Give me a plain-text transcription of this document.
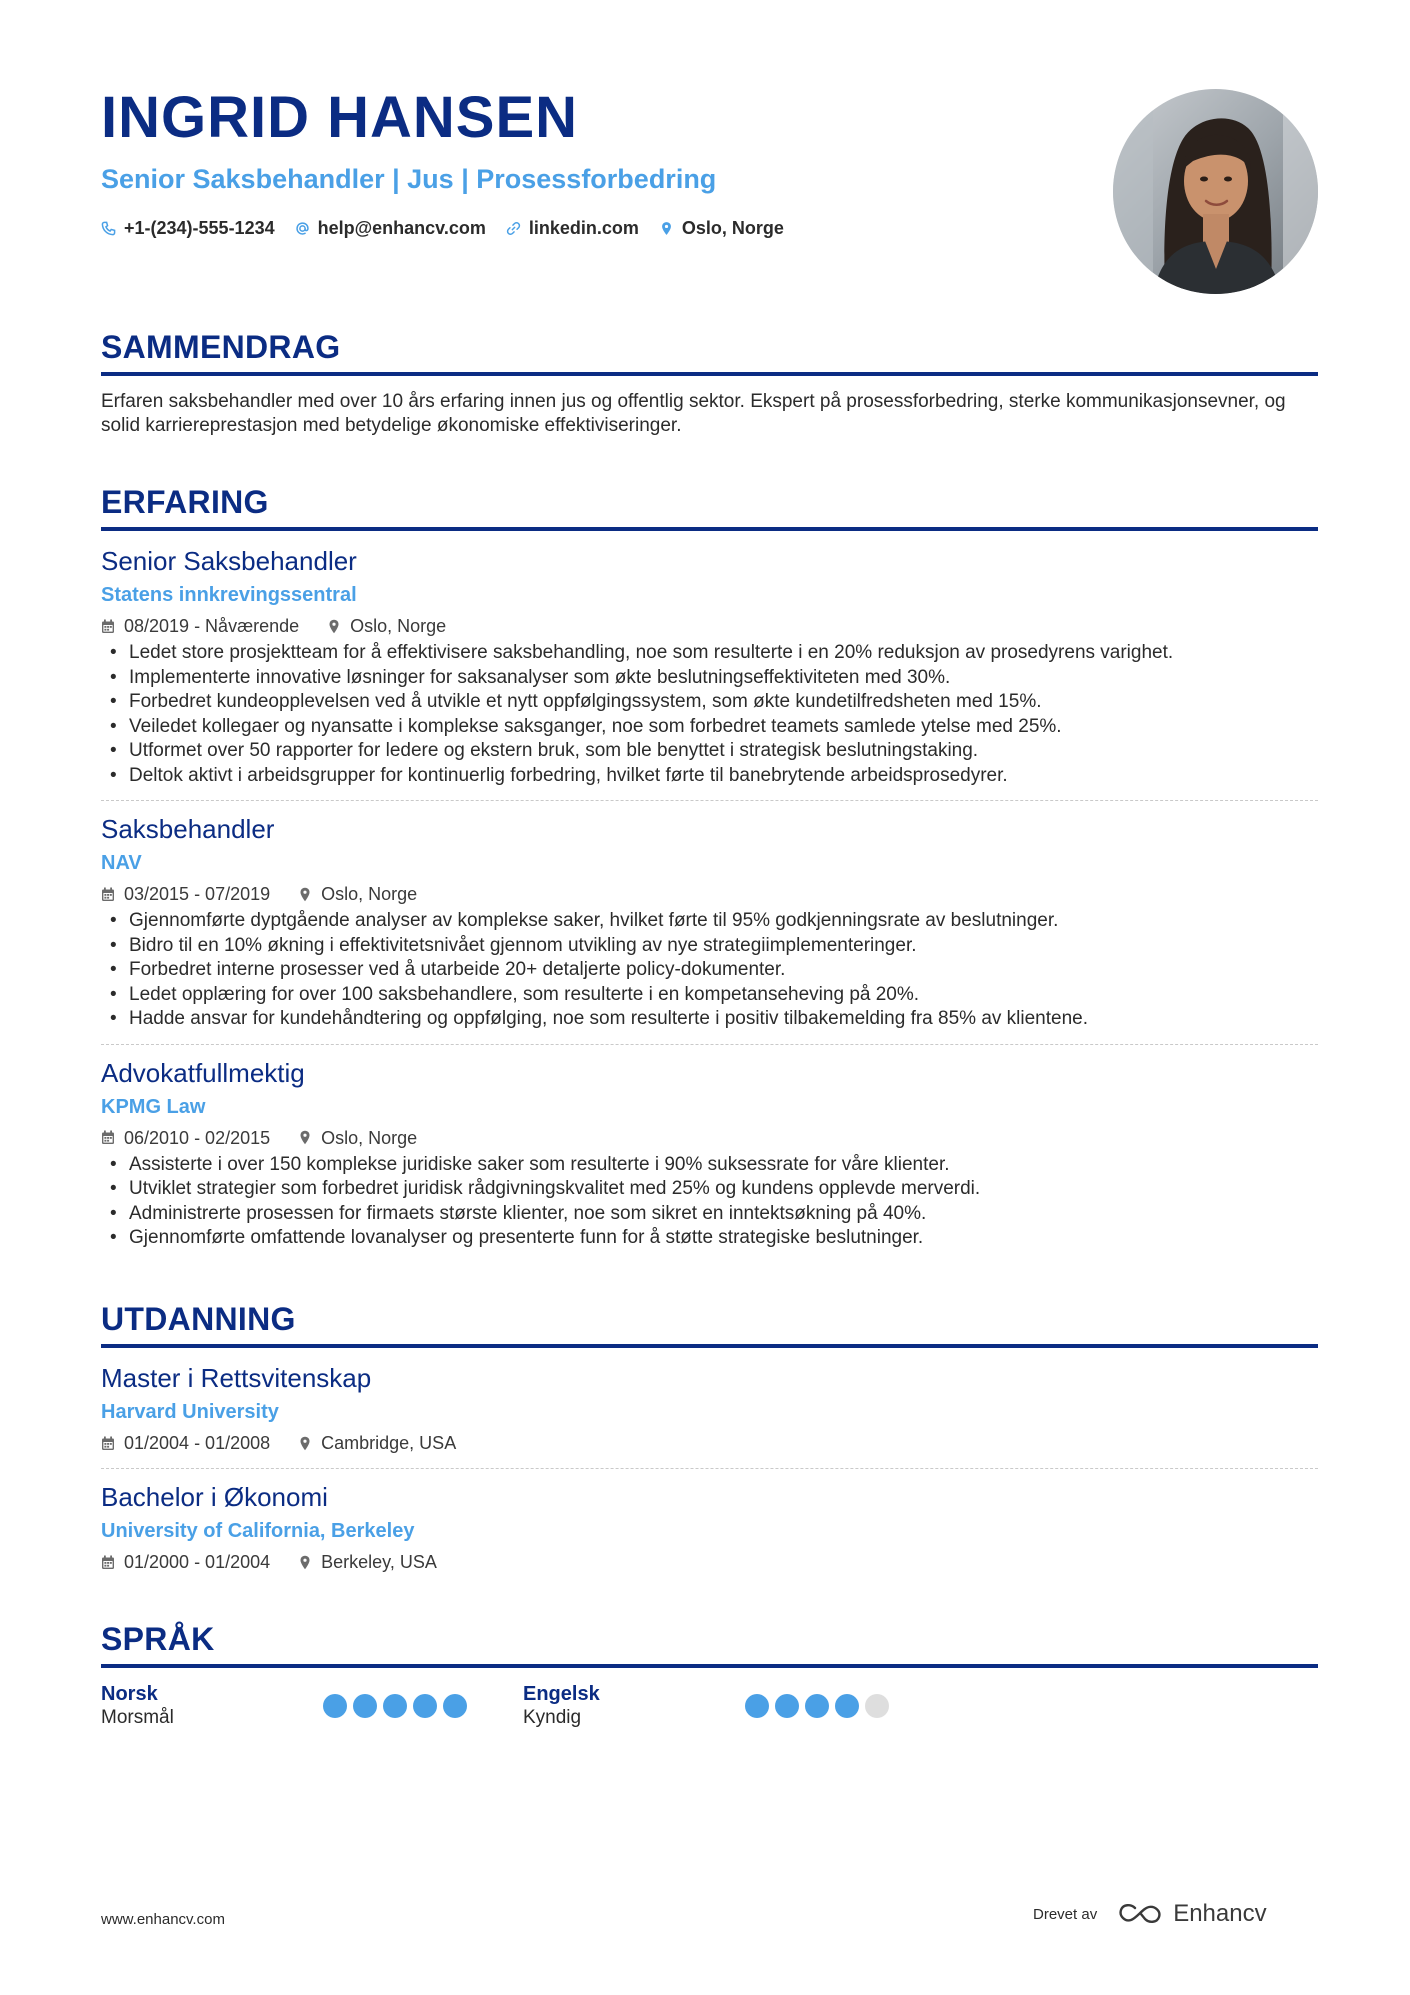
INGRID HANSEN
Senior Saksbehandler | Jus | Prosessforbedring
+1-(234)-555-1234 help@enhancv.com linkedin.com Oslo, Norge
SAMMENDRAG
Erfaren saksbehandler med over 10 års erfaring innen jus og offentlig sektor. Ekspert på prosessforbedring, sterke kommunikasjonsevner, og solid karriereprestasjon med betydelige økonomiske effektiviseringer.
ERFARING
Senior Saksbehandler
Statens innkrevingssentral
08/2019 - Nåværende	Oslo, Norge
• Ledet store prosjektteam for å effektivisere saksbehandling, noe som resulterte i en 20% reduksjon av prosedyrens varighet.
• Implementerte innovative løsninger for saksanalyser som økte beslutningseffektiviteten med 30%.
• Forbedret kundeopplevelsen ved å utvikle et nytt oppfølgingssystem, som økte kundetilfredsheten med 15%.
• Veiledet kollegaer og nyansatte i komplekse saksganger, noe som forbedret teamets samlede ytelse med 25%.
• Utformet over 50 rapporter for ledere og ekstern bruk, som ble benyttet i strategisk beslutningstaking.
• Deltok aktivt i arbeidsgrupper for kontinuerlig forbedring, hvilket førte til banebrytende arbeidsprosedyrer.
Saksbehandler
NAV
03/2015 - 07/2019	Oslo, Norge
• Gjennomførte dyptgående analyser av komplekse saker, hvilket førte til 95% godkjenningsrate av beslutninger.
• Bidro til en 10% økning i effektivitetsnivået gjennom utvikling av nye strategiimplementeringer.
• Forbedret interne prosesser ved å utarbeide 20+ detaljerte policy-dokumenter.
• Ledet opplæring for over 100 saksbehandlere, som resulterte i en kompetanseheving på 20%.
• Hadde ansvar for kundehåndtering og oppfølging, noe som resulterte i positiv tilbakemelding fra 85% av klientene.
Advokatfullmektig
KPMG Law
06/2010 - 02/2015	Oslo, Norge
• Assisterte i over 150 komplekse juridiske saker som resulterte i 90% suksessrate for våre klienter.
• Utviklet strategier som forbedret juridisk rådgivningskvalitet med 25% og kundens opplevde merverdi.
• Administrerte prosessen for firmaets største klienter, noe som sikret en inntektsøkning på 40%.
• Gjennomførte omfattende lovanalyser og presenterte funn for å støtte strategiske beslutninger.
UTDANNING
Master i Rettsvitenskap
Harvard University
01/2004 - 01/2008	Cambridge, USA
Bachelor i Økonomi
University of California, Berkeley
01/2000 - 01/2004	Berkeley, USA
SPRÅK
Norsk
Morsmål
Engelsk
Kyndig
www.enhancv.com	Drevet av	Enhancv
